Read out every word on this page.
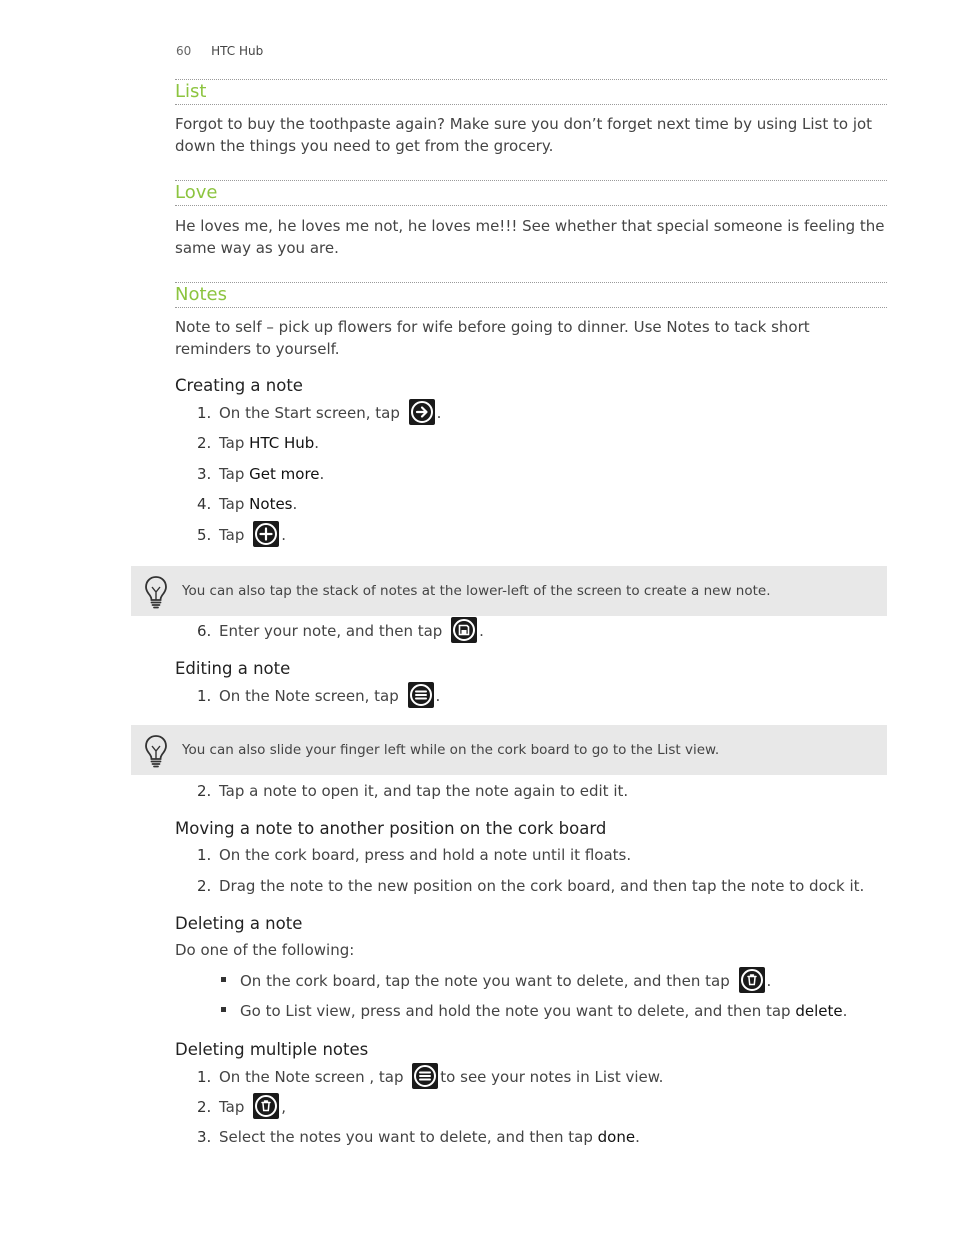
60 HTC Hub
List
Forgot to buy the toothpaste again? Make sure you don’t forget next time by using List to jot down the things you need to get from the grocery.
Love
He loves me, he loves me not, he loves me!!! See whether that special someone is feeling the same way as you are.
Notes
Note to self – pick up flowers for wife before going to dinner. Use Notes to tack short reminders to yourself.
Creating a note
1. On the Start screen, tap .
2. Tap HTC Hub.
3. Tap Get more.
4. Tap Notes.
5. Tap .
You can also tap the stack of notes at the lower-left of the screen to create a new note.
6. Enter your note, and then tap .
Editing a note
1. On the Note screen, tap .
You can also slide your finger left while on the cork board to go to the List view.
2. Tap a note to open it, and tap the note again to edit it.
Moving a note to another position on the cork board
1. On the cork board, press and hold a note until it floats.
2. Drag the note to the new position on the cork board, and then tap the note to dock it.
Deleting a note
Do one of the following:
On the cork board, tap the note you want to delete, and then tap .
Go to List view, press and hold the note you want to delete, and then tap delete.
Deleting multiple notes
1. On the Note screen , tap to see your notes in List view.
2. Tap ,
3. Select the notes you want to delete, and then tap done.
